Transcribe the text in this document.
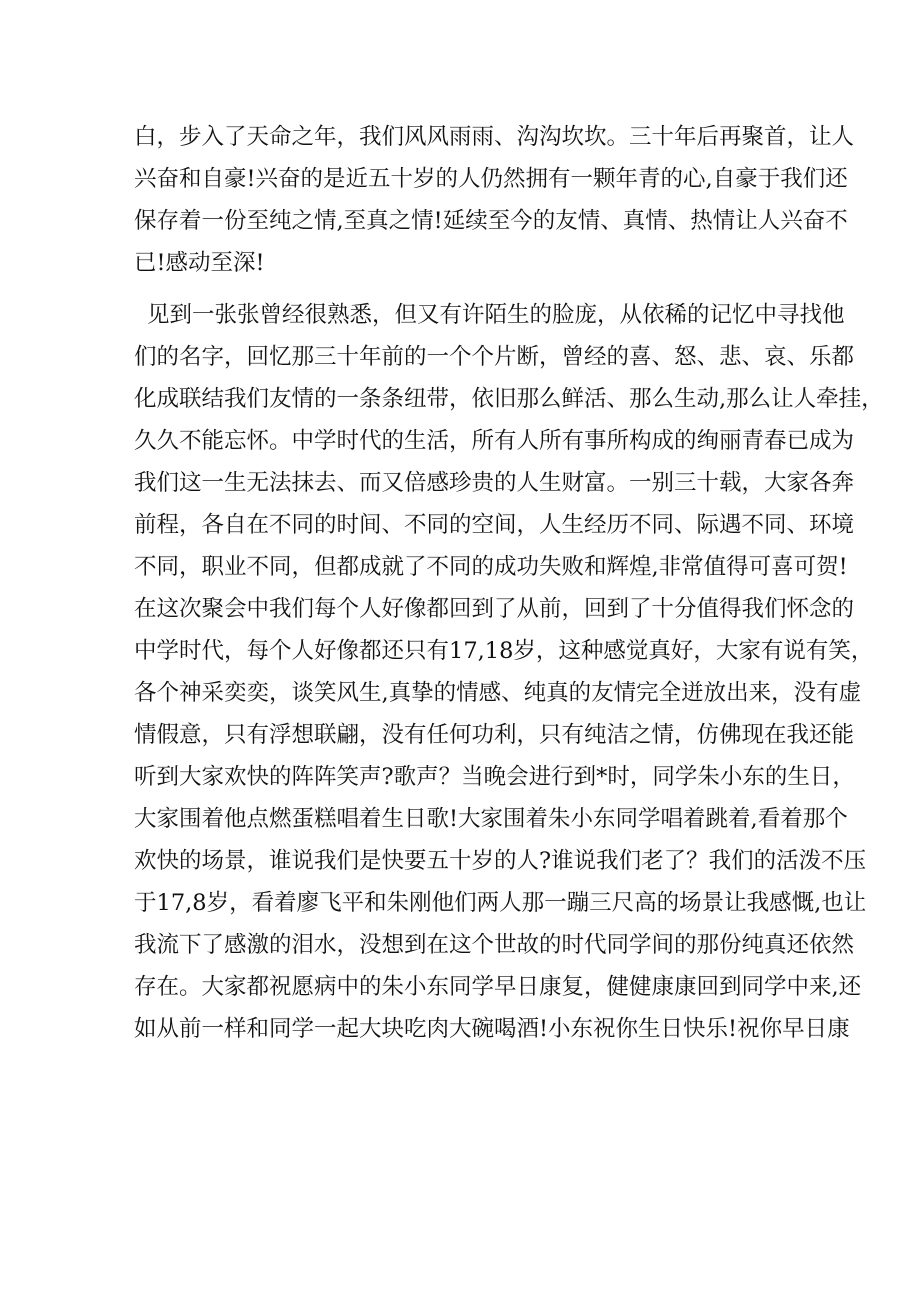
白，步入了天命之年，我们风风雨雨、沟沟坎坎。三十年后再聚首，让人
兴奋和自豪!兴奋的是近五十岁的人仍然拥有一颗年青的心,自豪于我们还
保存着一份至纯之情,至真之情!延续至今的友情、真情、热情让人兴奋不
已!感动至深!
见到一张张曾经很熟悉，但又有许陌生的脸庞，从依稀的记忆中寻找他
们的名字，回忆那三十年前的一个个片断，曾经的喜、怒、悲、哀、乐都
化成联结我们友情的一条条纽带，依旧那么鲜活、那么生动,那么让人牵挂，
久久不能忘怀。中学时代的生活，所有人所有事所构成的绚丽青春已成为
我们这一生无法抹去、而又倍感珍贵的人生财富。一别三十载，大家各奔
前程，各自在不同的时间、不同的空间，人生经历不同、际遇不同、环境
不同，职业不同，但都成就了不同的成功失败和辉煌,非常值得可喜可贺!
在这次聚会中我们每个人好像都回到了从前，回到了十分值得我们怀念的
中学时代，每个人好像都还只有17,18岁，这种感觉真好，大家有说有笑，
各个神采奕奕，谈笑风生,真挚的情感、纯真的友情完全迸放出来，没有虚
情假意，只有浮想联翩，没有任何功利，只有纯洁之情，仿佛现在我还能
听到大家欢快的阵阵笑声?歌声？当晚会进行到*时，同学朱小东的生日，
大家围着他点燃蛋糕唱着生日歌!大家围着朱小东同学唱着跳着,看着那个
欢快的场景，谁说我们是快要五十岁的人?谁说我们老了？我们的活泼不压
于17,8岁，看着廖飞平和朱刚他们两人那一蹦三尺高的场景让我感慨,也让
我流下了感激的泪水，没想到在这个世故的时代同学间的那份纯真还依然
存在。大家都祝愿病中的朱小东同学早日康复，健健康康回到同学中来,还
如从前一样和同学一起大块吃肉大碗喝酒!小东祝你生日快乐!祝你早日康
